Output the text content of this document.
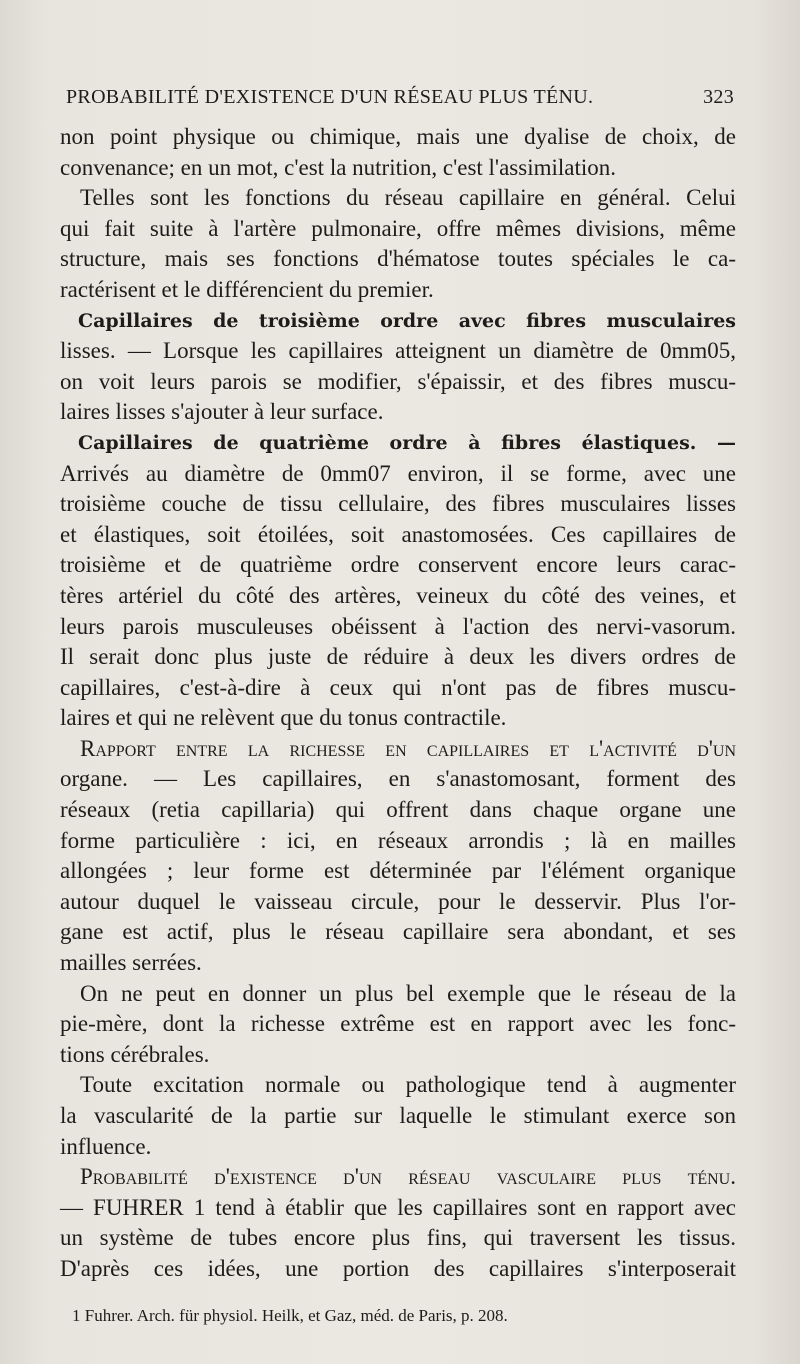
PROBABILITÉ D'EXISTENCE D'UN RÉSEAU PLUS TÉNU.	323
non point physique ou chimique, mais une dyalise de choix, de
convenance; en un mot, c'est la nutrition, c'est l'assimilation.
Telles sont les fonctions du réseau capillaire en général. Celui
qui fait suite à l'artère pulmonaire, offre mêmes divisions, même
structure, mais ses fonctions d'hématose toutes spéciales le ca-
ractérisent et le différencient du premier.
Capillaires de troisième ordre avec fibres musculaires
lisses. — Lorsque les capillaires atteignent un diamètre de 0mm05,
on voit leurs parois se modifier, s'épaissir, et des fibres muscu-
laires lisses s'ajouter à leur surface.
Capillaires de quatrième ordre à fibres élastiques. —
Arrivés au diamètre de 0mm07 environ, il se forme, avec une
troisième couche de tissu cellulaire, des fibres musculaires lisses
et élastiques, soit étoilées, soit anastomosées. Ces capillaires de
troisième et de quatrième ordre conservent encore leurs carac-
tères artériel du côté des artères, veineux du côté des veines, et
leurs parois musculeuses obéissent à l'action des nervi-vasorum.
Il serait donc plus juste de réduire à deux les divers ordres de
capillaires, c'est-à-dire à ceux qui n'ont pas de fibres muscu-
laires et qui ne relèvent que du tonus contractile.
Rapport entre la richesse en capillaires et l'activité d'un
organe. — Les capillaires, en s'anastomosant, forment des
réseaux (retia capillaria) qui offrent dans chaque organe une
forme particulière : ici, en réseaux arrondis ; là en mailles
allongées ; leur forme est déterminée par l'élément organique
autour duquel le vaisseau circule, pour le desservir. Plus l'or-
gane est actif, plus le réseau capillaire sera abondant, et ses
mailles serrées.
On ne peut en donner un plus bel exemple que le réseau de la
pie-mère, dont la richesse extrême est en rapport avec les fonc-
tions cérébrales.
Toute excitation normale ou pathologique tend à augmenter
la vascularité de la partie sur laquelle le stimulant exerce son
influence.
Probabilité d'existence d'un réseau vasculaire plus ténu.
— FUHRER 1 tend à établir que les capillaires sont en rapport avec
un système de tubes encore plus fins, qui traversent les tissus.
D'après ces idées, une portion des capillaires s'interposerait
1 Fuhrer. Arch. für physiol. Heilk, et Gaz, méd. de Paris, p. 208.
